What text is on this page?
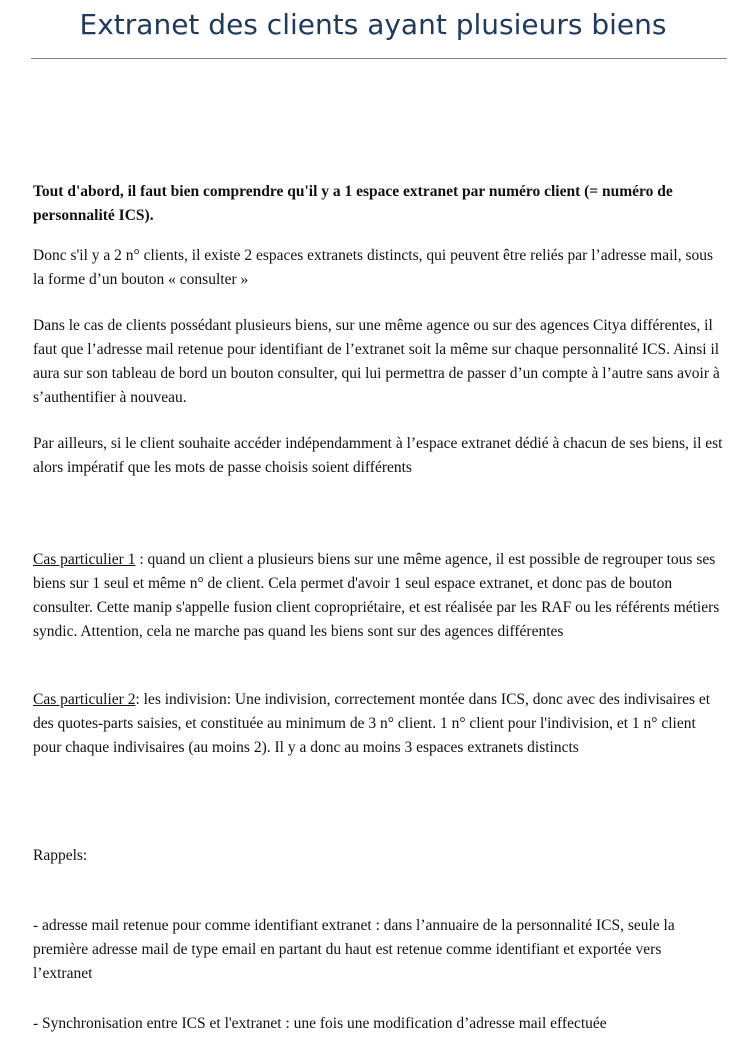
Extranet des clients ayant plusieurs biens

Tout d'abord, il faut bien comprendre qu'il y a 1 espace extranet par numéro client (= numéro de personnalité ICS).

Donc s'il y a 2 n° clients, il existe 2 espaces extranets distincts, qui peuvent être reliés par l’adresse mail, sous la forme d’un bouton « consulter »

Dans le cas de clients possédant plusieurs biens, sur une même agence ou sur des agences Citya différentes, il faut que l’adresse mail retenue pour identifiant de l’extranet soit la même sur chaque personnalité ICS. Ainsi il aura sur son tableau de bord un bouton consulter, qui lui permettra de passer d’un compte à l’autre sans avoir à s’authentifier à nouveau.

Par ailleurs, si le client souhaite accéder indépendamment à l’espace extranet dédié à chacun de ses biens, il est alors impératif que les mots de passe choisis soient différents

Cas particulier 1 : quand un client a plusieurs biens sur une même agence, il est possible de regrouper tous ses biens sur 1 seul et même n° de client. Cela permet d'avoir 1 seul espace extranet, et donc pas de bouton consulter. Cette manip s'appelle fusion client copropriétaire, et est réalisée par les RAF ou les référents métiers syndic. Attention, cela ne marche pas quand les biens sont sur des agences différentes

Cas particulier 2: les indivision: Une indivision, correctement montée dans ICS, donc avec des indivisaires et des quotes-parts saisies, et constituée au minimum de 3 n° client. 1 n° client pour l'indivision, et 1 n° client pour chaque indivisaires (au moins 2). Il y a donc au moins 3 espaces extranets distincts

Rappels:

- adresse mail retenue pour comme identifiant extranet : dans l’annuaire de la personnalité ICS, seule la première adresse mail de type email en partant du haut est retenue comme identifiant et exportée vers l’extranet

- Synchronisation entre ICS et l'extranet : une fois une modification d’adresse mail effectuée
